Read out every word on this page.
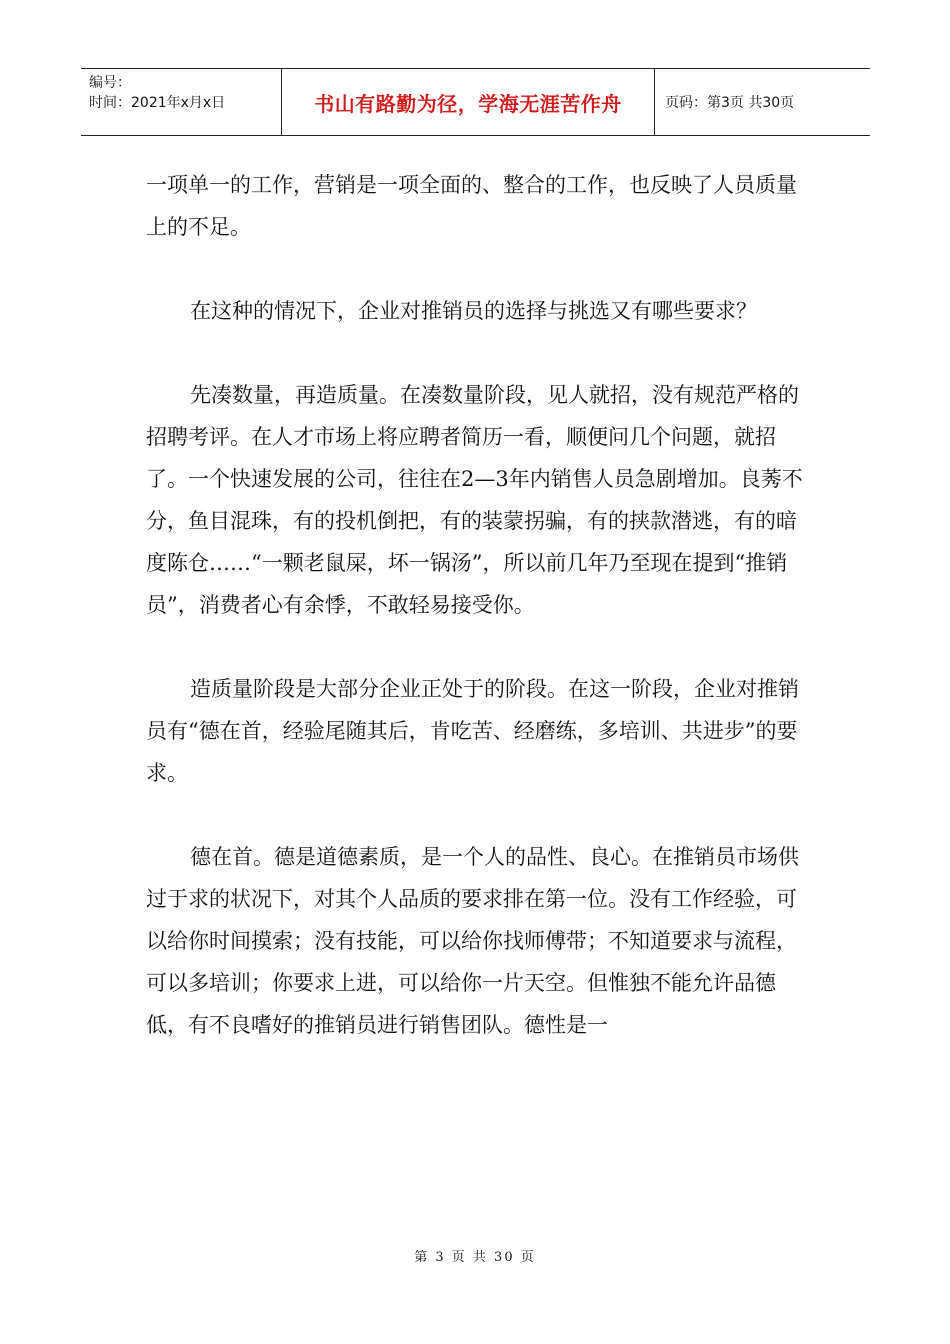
编号：
时间：2021年x月x日	书山有路勤为径，学海无涯苦作舟	页码：第3页 共30页

一项单一的工作，营销是一项全面的、整合的工作，也反映了人员质量上的不足。

在这种的情况下，企业对推销员的选择与挑选又有哪些要求？

先凑数量，再造质量。在凑数量阶段，见人就招，没有规范严格的招聘考评。在人才市场上将应聘者简历一看，顺便问几个问题，就招了。一个快速发展的公司，往往在2—3年内销售人员急剧增加。良莠不分，鱼目混珠，有的投机倒把，有的装蒙拐骗，有的挟款潜逃，有的暗度陈仓……“一颗老鼠屎，坏一锅汤”，所以前几年乃至现在提到“推销员”，消费者心有余悸，不敢轻易接受你。

造质量阶段是大部分企业正处于的阶段。在这一阶段，企业对推销员有“德在首，经验尾随其后，肯吃苦、经磨练，多培训、共进步”的要求。

德在首。德是道德素质，是一个人的品性、良心。在推销员市场供过于求的状况下，对其个人品质的要求排在第一位。没有工作经验，可以给你时间摸索；没有技能，可以给你找师傅带；不知道要求与流程，可以多培训；你要求上进，可以给你一片天空。但惟独不能允许品德低，有不良嗜好的推销员进行销售团队。德性是一

第 3 页 共 30 页
